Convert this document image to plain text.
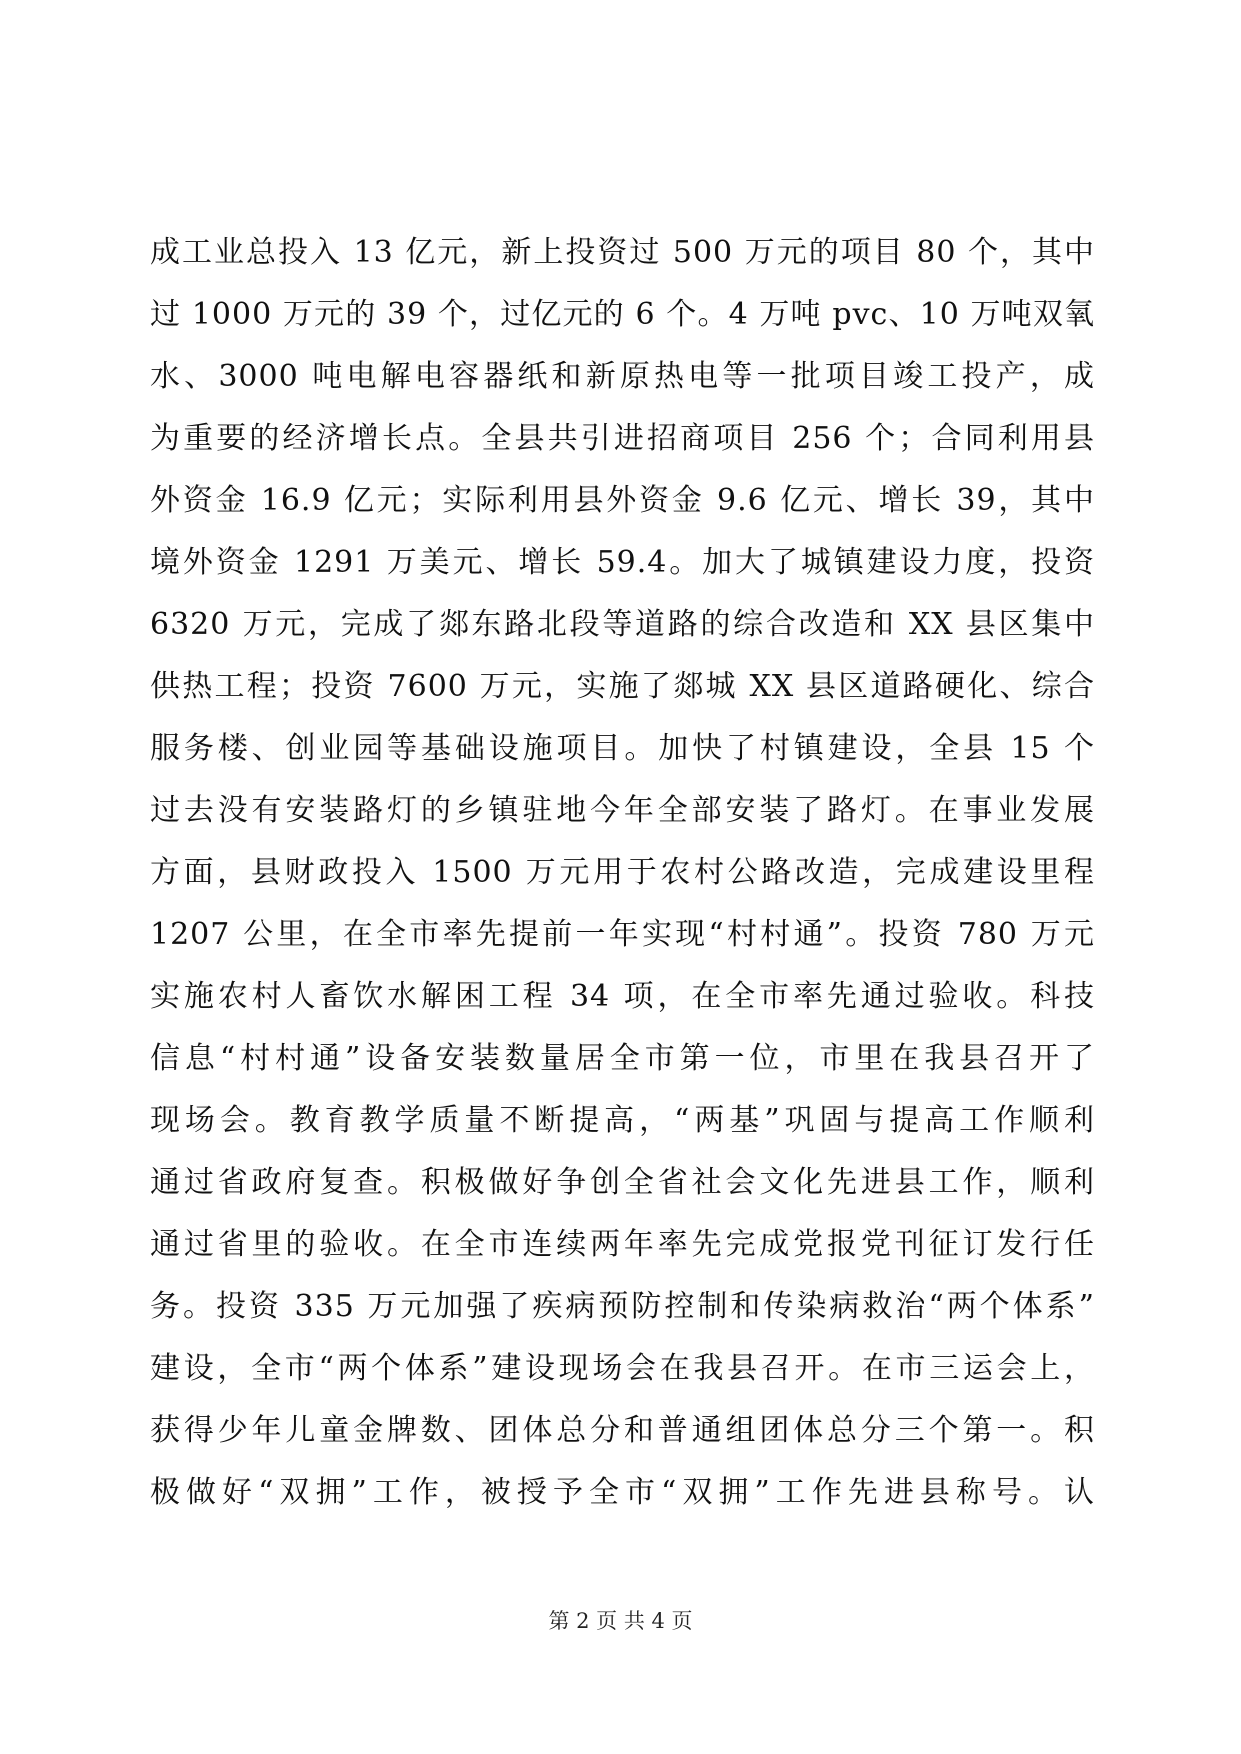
成工业总投入 13 亿元，新上投资过 500 万元的项目 80 个，其中
过 1000 万元的 39 个，过亿元的 6 个。4 万吨 pvc、10 万吨双氧
水、3000 吨电解电容器纸和新原热电等一批项目竣工投产，成
为重要的经济增长点。全县共引进招商项目 256 个；合同利用县
外资金 16.9 亿元；实际利用县外资金 9.6 亿元、增长 39，其中
境外资金 1291 万美元、增长 59.4。加大了城镇建设力度，投资
6320 万元，完成了郯东路北段等道路的综合改造和 XX 县区集中
供热工程；投资 7600 万元，实施了郯城 XX 县区道路硬化、综合
服务楼、创业园等基础设施项目。加快了村镇建设，全县 15 个
过去没有安装路灯的乡镇驻地今年全部安装了路灯。在事业发展
方面，县财政投入 1500 万元用于农村公路改造，完成建设里程
1207 公里，在全市率先提前一年实现“村村通”。投资 780 万元
实施农村人畜饮水解困工程 34 项，在全市率先通过验收。科技
信息“村村通”设备安装数量居全市第一位，市里在我县召开了
现场会。教育教学质量不断提高，“两基”巩固与提高工作顺利
通过省政府复查。积极做好争创全省社会文化先进县工作，顺利
通过省里的验收。在全市连续两年率先完成党报党刊征订发行任
务。投资 335 万元加强了疾病预防控制和传染病救治“两个体系”
建设，全市“两个体系”建设现场会在我县召开。在市三运会上，
获得少年儿童金牌数、团体总分和普通组团体总分三个第一。积
极做好“双拥”工作，被授予全市“双拥”工作先进县称号。认
第 2 页 共 4 页
